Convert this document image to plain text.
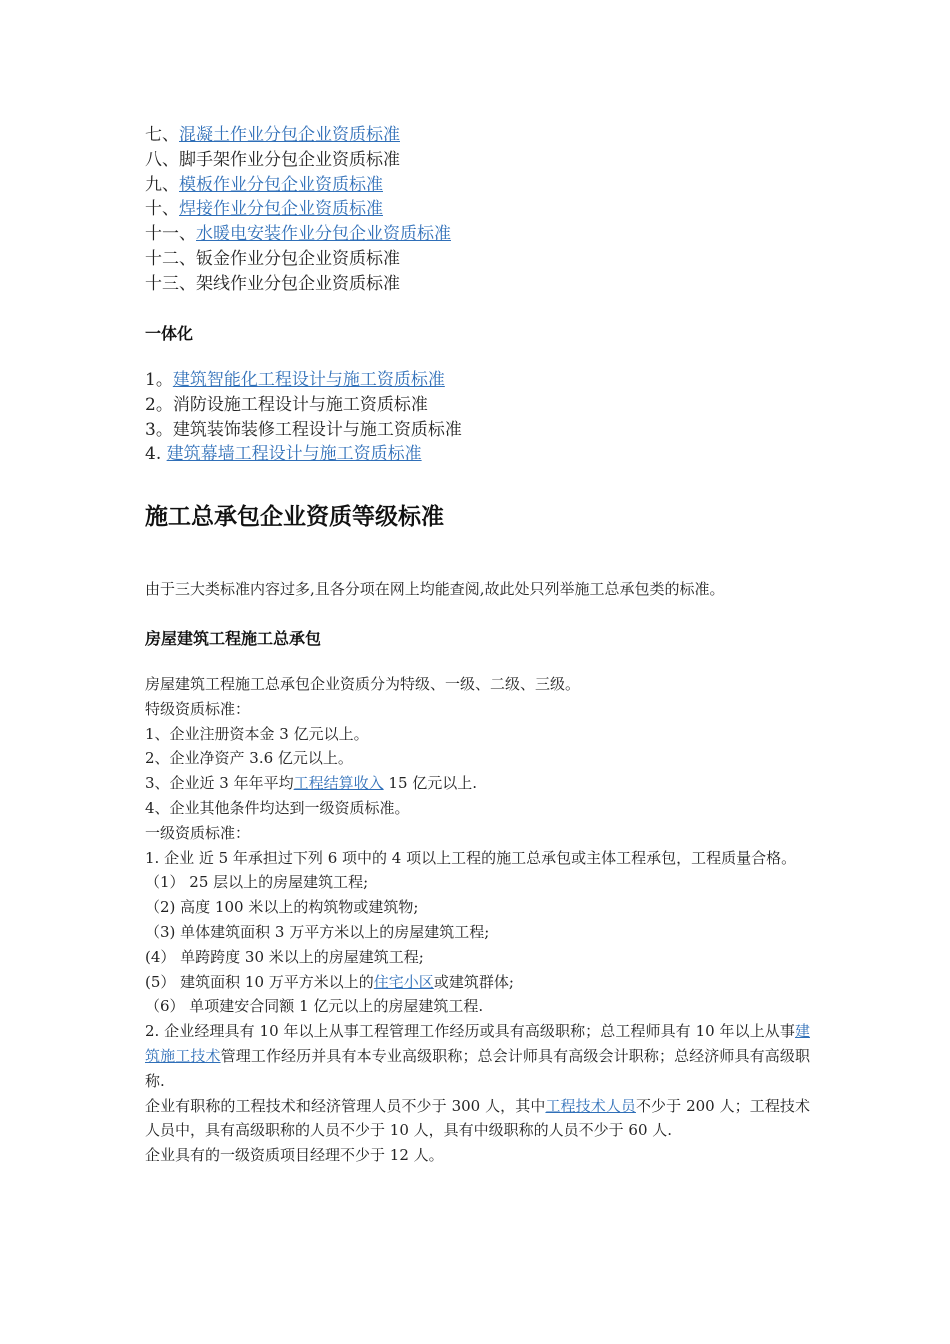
七、混凝土作业分包企业资质标准
八、脚手架作业分包企业资质标准
九、模板作业分包企业资质标准
十、焊接作业分包企业资质标准
十一、水暖电安装作业分包企业资质标准
十二、钣金作业分包企业资质标准
十三、架线作业分包企业资质标准
一体化
1。建筑智能化工程设计与施工资质标准
2。消防设施工程设计与施工资质标准
3。建筑装饰装修工程设计与施工资质标准
4. 建筑幕墙工程设计与施工资质标准
施工总承包企业资质等级标准
由于三大类标准内容过多,且各分项在网上均能查阅,故此处只列举施工总承包类的标准。
房屋建筑工程施工总承包
房屋建筑工程施工总承包企业资质分为特级、一级、二级、三级。
特级资质标准：
1、企业注册资本金 3 亿元以上。
2、企业净资产 3.6 亿元以上。
3、企业近 3 年年平均工程结算收入 15 亿元以上.
4、企业其他条件均达到一级资质标准。
一级资质标准：
1. 企业 近 5 年承担过下列 6 项中的 4 项以上工程的施工总承包或主体工程承包，工程质量合格。
（1） 25 层以上的房屋建筑工程;
（2) 高度 100 米以上的构筑物或建筑物;
（3) 单体建筑面积 3 万平方米以上的房屋建筑工程;
(4） 单跨跨度 30 米以上的房屋建筑工程;
(5） 建筑面积 10 万平方米以上的住宅小区或建筑群体;
（6） 单项建安合同额 1 亿元以上的房屋建筑工程.
2. 企业经理具有 10 年以上从事工程管理工作经历或具有高级职称；总工程师具有 10 年以上从事建筑施工技术管理工作经历并具有本专业高级职称；总会计师具有高级会计职称；总经济师具有高级职称.
企业有职称的工程技术和经济管理人员不少于 300 人，其中工程技术人员不少于 200 人；工程技术人员中，具有高级职称的人员不少于 10 人，具有中级职称的人员不少于 60 人.
企业具有的一级资质项目经理不少于 12 人。
